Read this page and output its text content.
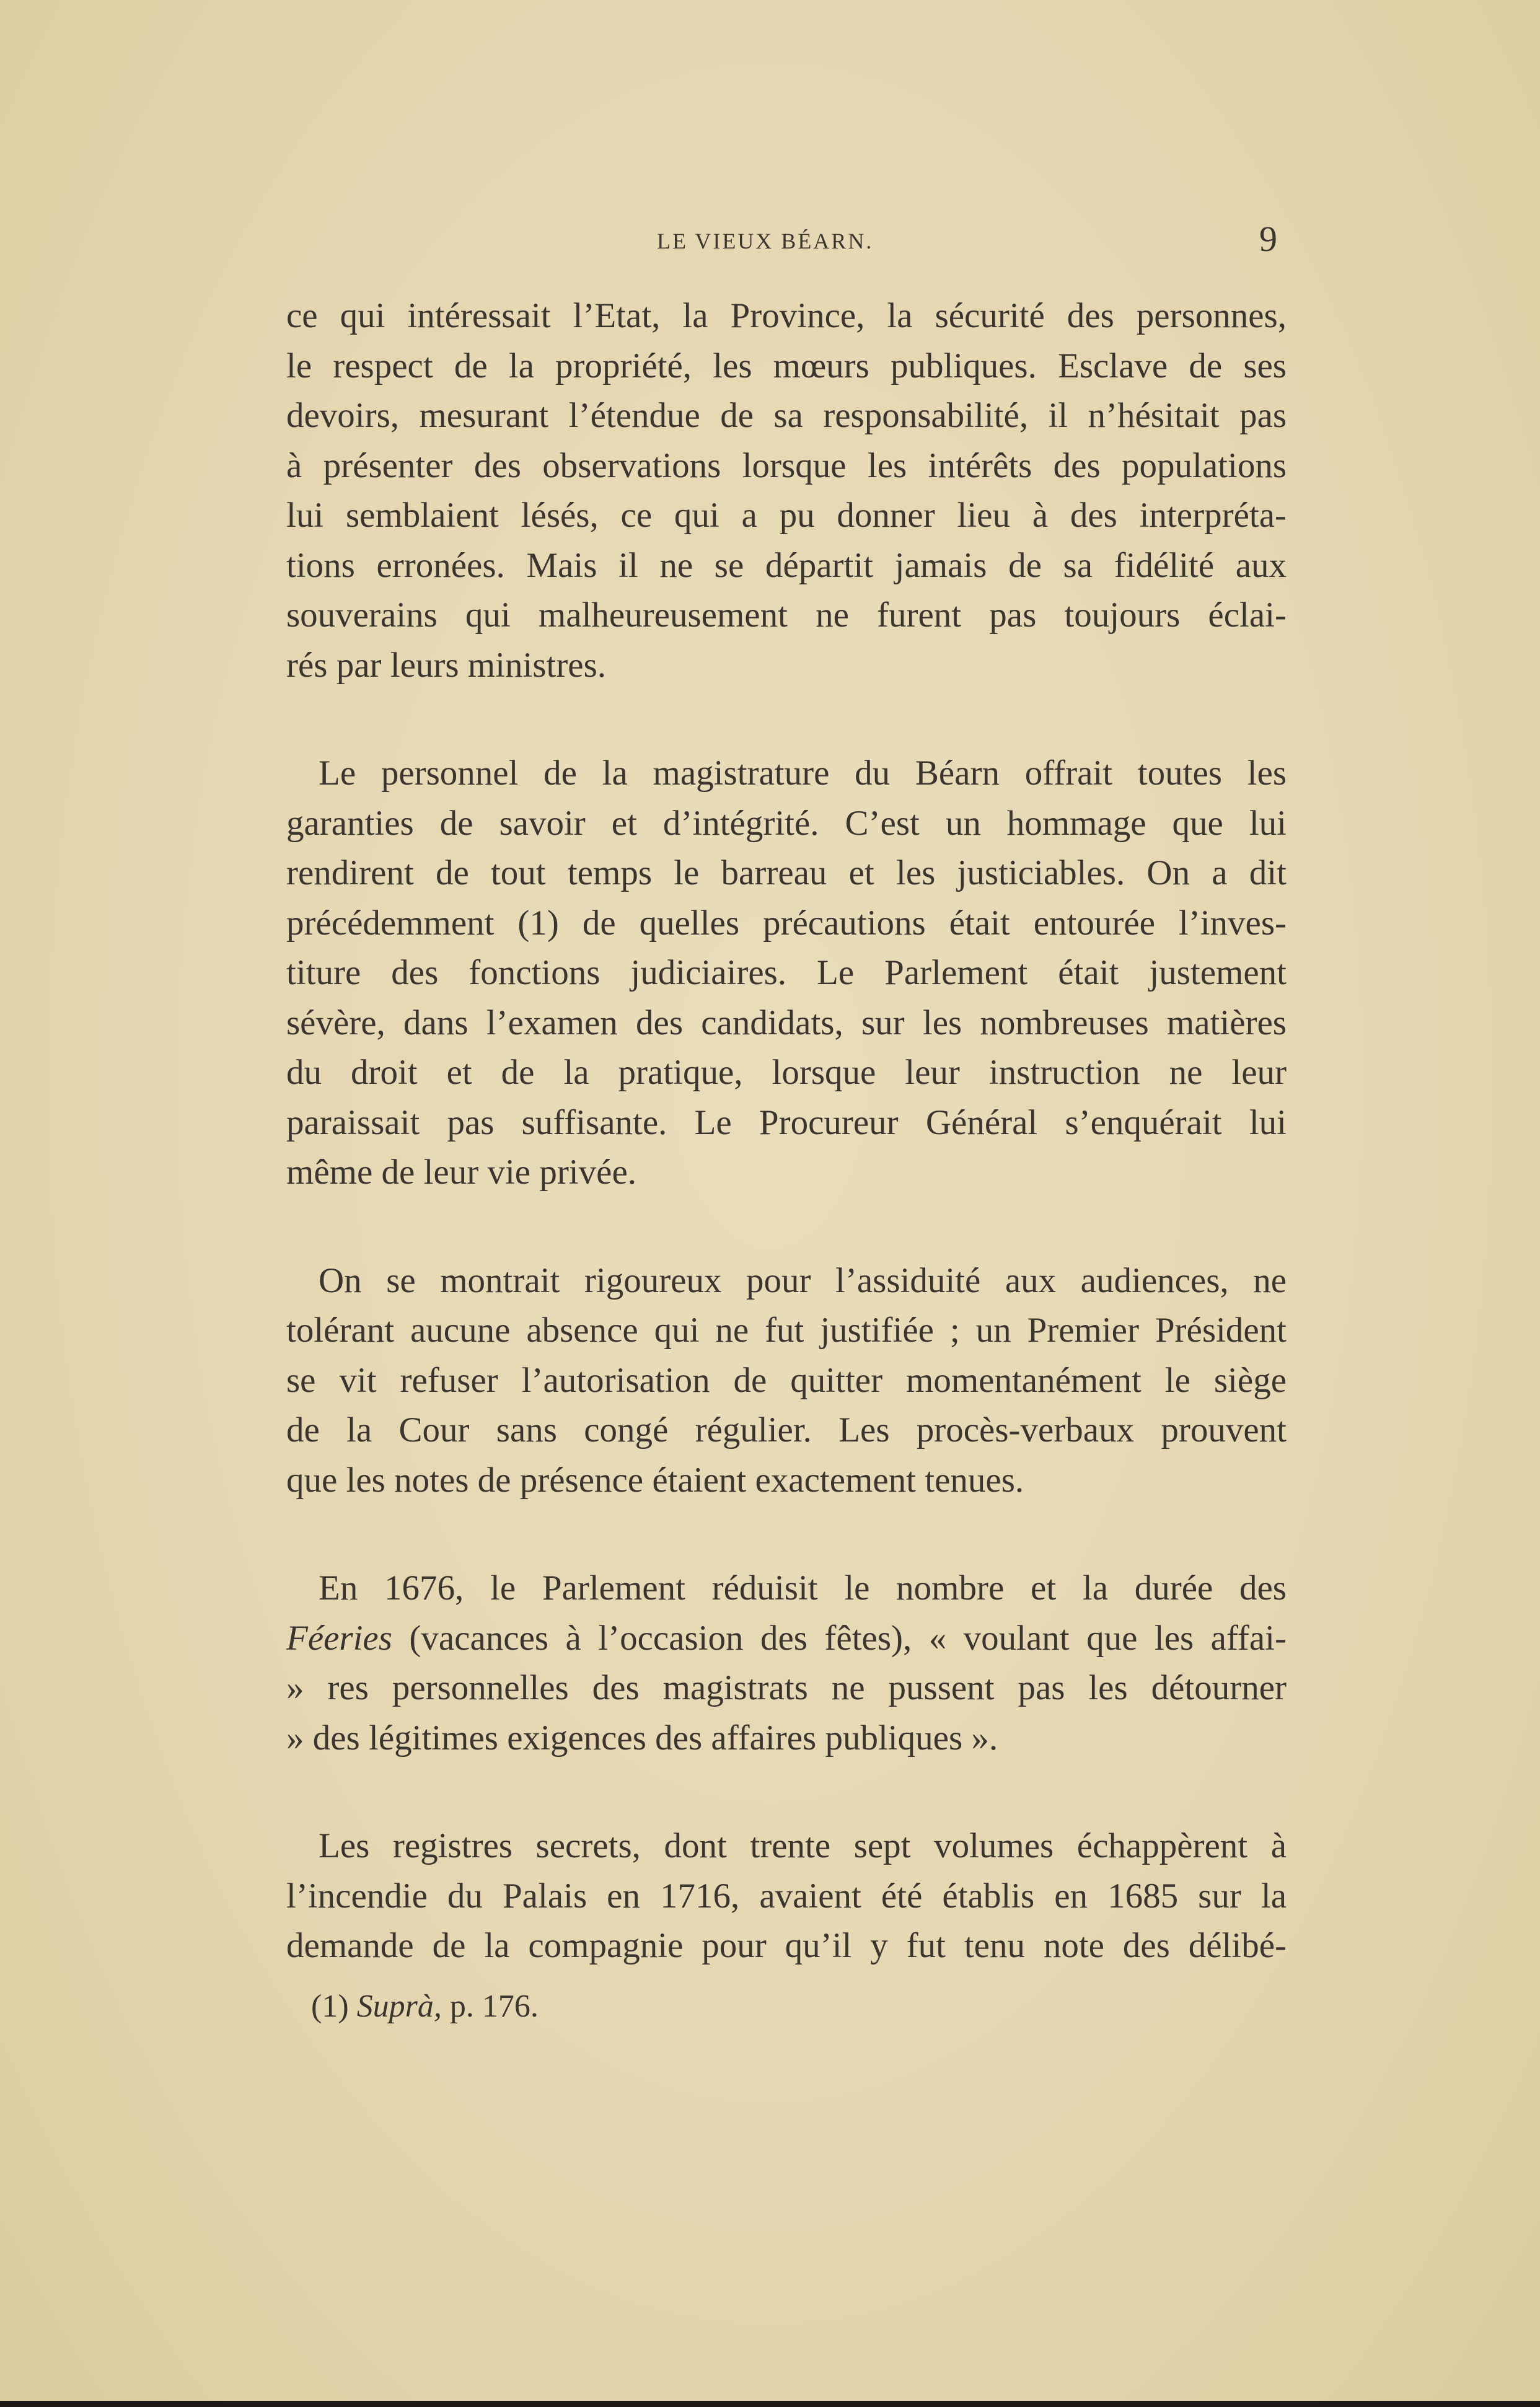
LE VIEUX BÉARN.	9
ce qui intéressait l’Etat, la Province, la sécurité des personnes,
le respect de la propriété, les mœurs publiques. Esclave de ses
devoirs, mesurant l’étendue de sa responsabilité, il n’hésitait pas
à présenter des observations lorsque les intérêts des populations
lui semblaient lésés, ce qui a pu donner lieu à des interpréta-
tions erronées. Mais il ne se départit jamais de sa fidélité aux
souverains qui malheureusement ne furent pas toujours éclai-
rés par leurs ministres.
Le personnel de la magistrature du Béarn offrait toutes les
garanties de savoir et d’intégrité. C’est un hommage que lui
rendirent de tout temps le barreau et les justiciables. On a dit
précédemment (1) de quelles précautions était entourée l’inves-
titure des fonctions judiciaires. Le Parlement était justement
sévère, dans l’examen des candidats, sur les nombreuses matières
du droit et de la pratique, lorsque leur instruction ne leur
paraissait pas suffisante. Le Procureur Général s’enquérait lui
même de leur vie privée.
On se montrait rigoureux pour l’assiduité aux audiences, ne
tolérant aucune absence qui ne fut justifiée ; un Premier Président
se vit refuser l’autorisation de quitter momentanément le siège
de la Cour sans congé régulier. Les procès-verbaux prouvent
que les notes de présence étaient exactement tenues.
En 1676, le Parlement réduisit le nombre et la durée des
Féeries (vacances à l’occasion des fêtes), « voulant que les affai-
» res personnelles des magistrats ne pussent pas les détourner
» des légitimes exigences des affaires publiques ».
Les registres secrets, dont trente sept volumes échappèrent à
l’incendie du Palais en 1716, avaient été établis en 1685 sur la
demande de la compagnie pour qu’il y fut tenu note des délibé-
(1) Suprà, p. 176.
